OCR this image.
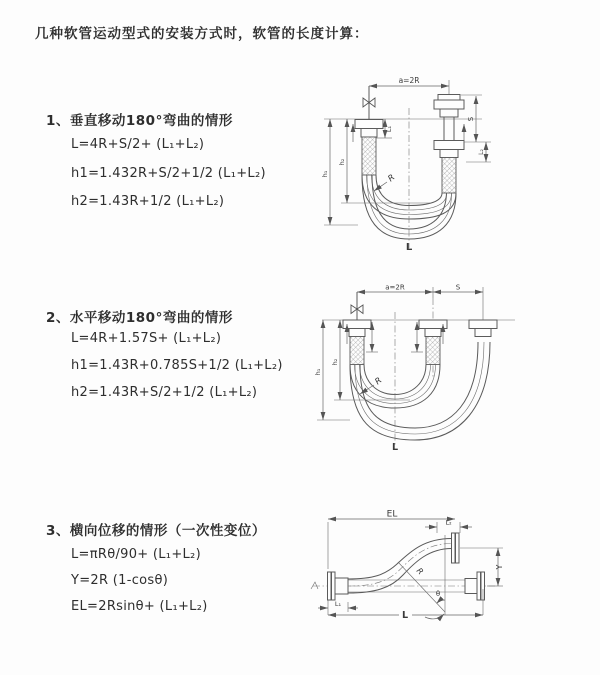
几种软管运动型式的安装方式时，软管的长度计算：
1、垂直移动180°弯曲的情形
L=4R+S/2+ (L₁+L₂)
h1=1.432R+S/2+1/2 (L₁+L₂)
h2=1.43R+1/2 (L₁+L₂)
2、水平移动180°弯曲的情形
L=4R+1.57S+ (L₁+L₂)
h1=1.43R+0.785S+1/2 (L₁+L₂)
h2=1.43R+S/2+1/2 (L₁+L₂)
3、横向位移的情形（一次性变位）
L=πRθ/90+ (L₁+L₂)
Y=2R (1-cosθ)
EL=2Rsinθ+ (L₁+L₂)
a=2R
L₁
S
L₂
h₁
h₂
R
L
a=2R	S
h₁
h₂
R
L
EL
L₂
Y
R
θ
L
L₁
